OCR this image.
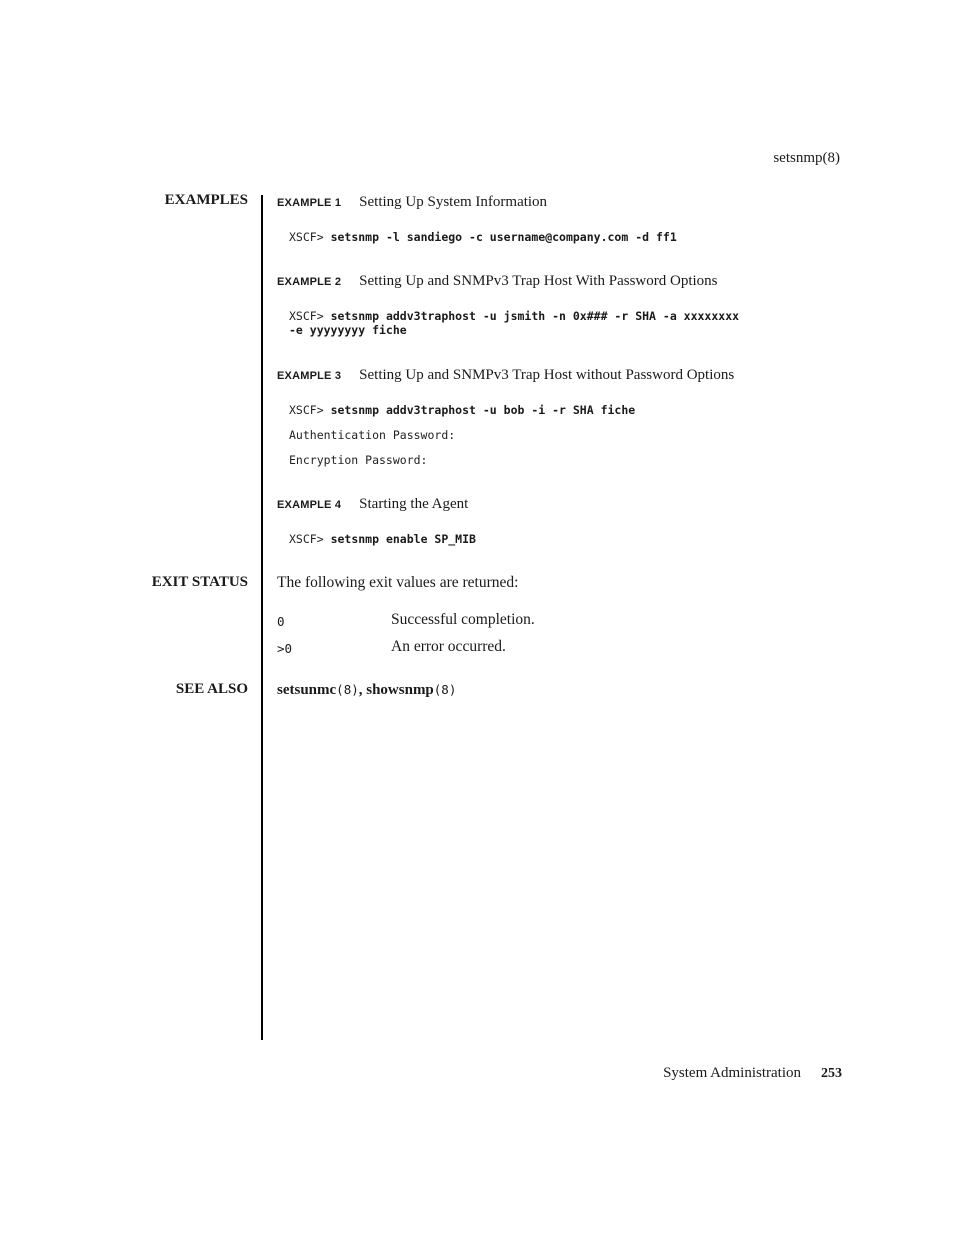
setsnmp(8)
EXAMPLES
EXIT STATUS
SEE ALSO
EXAMPLE 1 Setting Up System Information
XSCF> setsnmp -l sandiego -c username@company.com -d ff1
EXAMPLE 2 Setting Up and SNMPv3 Trap Host With Password Options
XSCF> setsnmp addv3traphost -u jsmith -n 0x### -r SHA -a xxxxxxxx
-e yyyyyyyy fiche
EXAMPLE 3 Setting Up and SNMPv3 Trap Host without Password Options
XSCF> setsnmp addv3traphost -u bob -i -r SHA fiche
Authentication Password:
Encryption Password:
EXAMPLE 4 Starting the Agent
XSCF> setsnmp enable SP_MIB
The following exit values are returned:
0	Successful completion.
>0	An error occurred.
setsunmc(8), showsnmp(8)
System Administration 253
